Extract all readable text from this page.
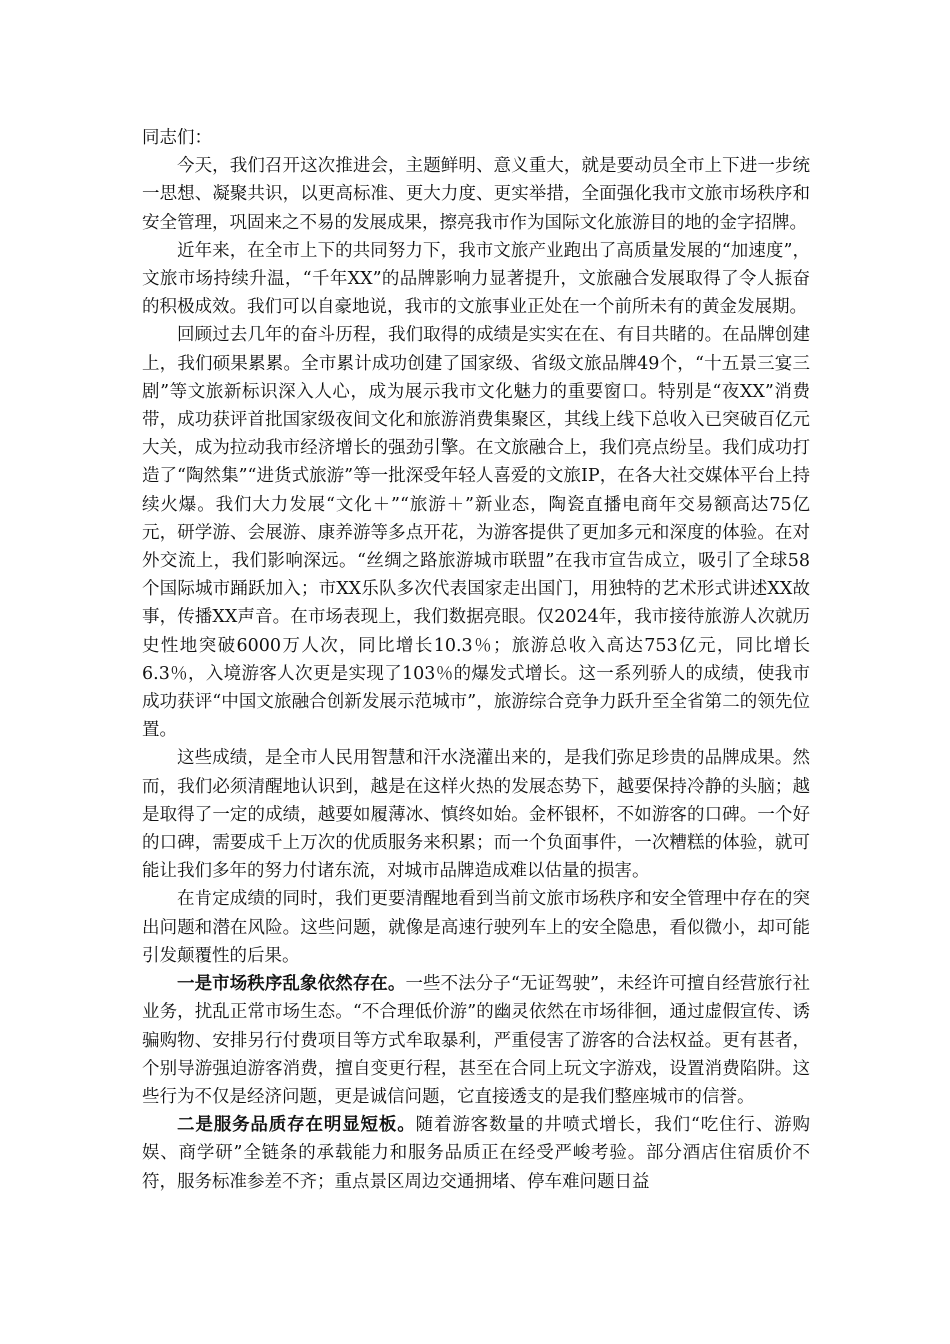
同志们：

今天，我们召开这次推进会，主题鲜明、意义重大，就是要动员全市上下进一步统一思想、凝聚共识，以更高标准、更大力度、更实举措，全面强化我市文旅市场秩序和安全管理，巩固来之不易的发展成果，擦亮我市作为国际文化旅游目的地的金字招牌。

近年来，在全市上下的共同努力下，我市文旅产业跑出了高质量发展的“加速度”，文旅市场持续升温，“千年XX”的品牌影响力显著提升，文旅融合发展取得了令人振奋的积极成效。我们可以自豪地说，我市的文旅事业正处在一个前所未有的黄金发展期。

回顾过去几年的奋斗历程，我们取得的成绩是实实在在、有目共睹的。在品牌创建上，我们硕果累累。全市累计成功创建了国家级、省级文旅品牌49个，“十五景三宴三剧”等文旅新标识深入人心，成为展示我市文化魅力的重要窗口。特别是“夜XX”消费带，成功获评首批国家级夜间文化和旅游消费集聚区，其线上线下总收入已突破百亿元大关，成为拉动我市经济增长的强劲引擎。在文旅融合上，我们亮点纷呈。我们成功打造了“陶然集”“进货式旅游”等一批深受年轻人喜爱的文旅IP，在各大社交媒体平台上持续火爆。我们大力发展“文化＋”“旅游＋”新业态，陶瓷直播电商年交易额高达75亿元，研学游、会展游、康养游等多点开花，为游客提供了更加多元和深度的体验。在对外交流上，我们影响深远。“丝绸之路旅游城市联盟”在我市宣告成立，吸引了全球58个国际城市踊跃加入；市XX乐队多次代表国家走出国门，用独特的艺术形式讲述XX故事，传播XX声音。在市场表现上，我们数据亮眼。仅2024年，我市接待旅游人次就历史性地突破6000万人次，同比增长10.3％；旅游总收入高达753亿元，同比增长6.3％，入境游客人次更是实现了103％的爆发式增长。这一系列骄人的成绩，使我市成功获评“中国文旅融合创新发展示范城市”，旅游综合竞争力跃升至全省第二的领先位置。

这些成绩，是全市人民用智慧和汗水浇灌出来的，是我们弥足珍贵的品牌成果。然而，我们必须清醒地认识到，越是在这样火热的发展态势下，越要保持冷静的头脑；越是取得了一定的成绩，越要如履薄冰、慎终如始。金杯银杯，不如游客的口碑。一个好的口碑，需要成千上万次的优质服务来积累；而一个负面事件，一次糟糕的体验，就可能让我们多年的努力付诸东流，对城市品牌造成难以估量的损害。

在肯定成绩的同时，我们更要清醒地看到当前文旅市场秩序和安全管理中存在的突出问题和潜在风险。这些问题，就像是高速行驶列车上的安全隐患，看似微小，却可能引发颠覆性的后果。

一是市场秩序乱象依然存在。一些不法分子“无证驾驶”，未经许可擅自经营旅行社业务，扰乱正常市场生态。“不合理低价游”的幽灵依然在市场徘徊，通过虚假宣传、诱骗购物、安排另行付费项目等方式牟取暴利，严重侵害了游客的合法权益。更有甚者，个别导游强迫游客消费，擅自变更行程，甚至在合同上玩文字游戏，设置消费陷阱。这些行为不仅是经济问题，更是诚信问题，它直接透支的是我们整座城市的信誉。

二是服务品质存在明显短板。随着游客数量的井喷式增长，我们“吃住行、游购娱、商学研”全链条的承载能力和服务品质正在经受严峻考验。部分酒店住宿质价不符，服务标准参差不齐；重点景区周边交通拥堵、停车难问题日益
